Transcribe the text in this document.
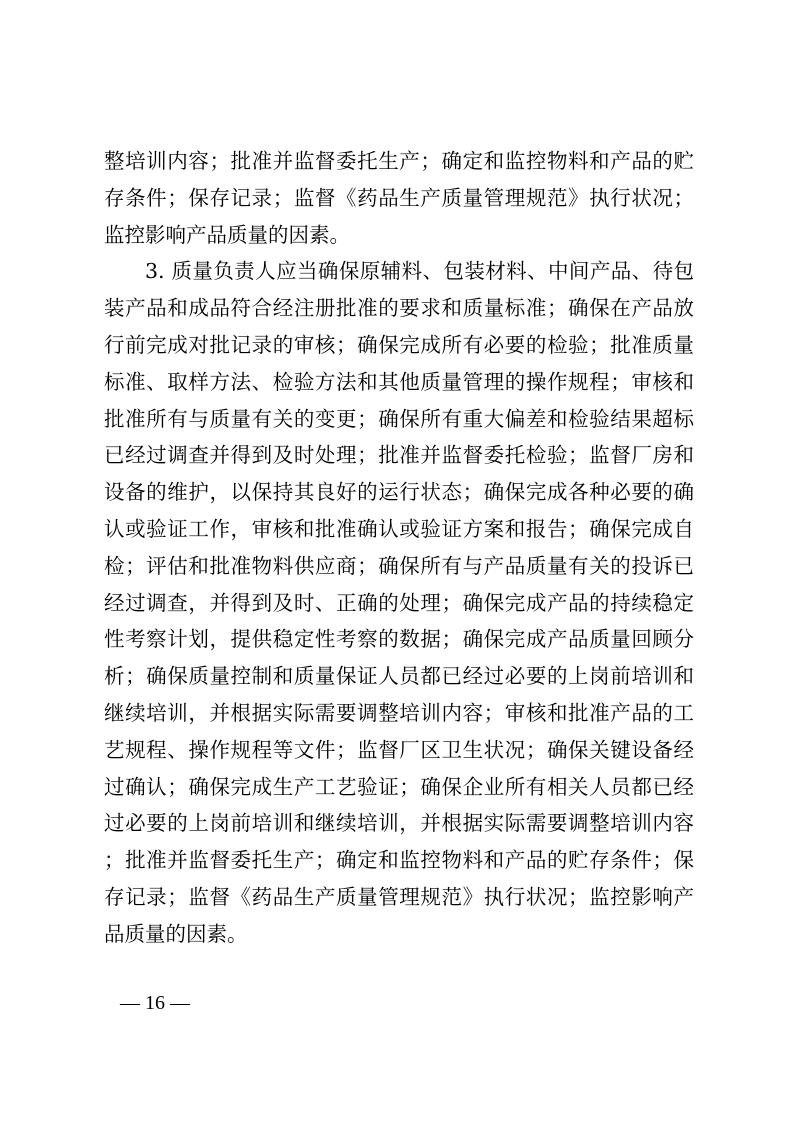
整培训内容；批准并监督委托生产；确定和监控物料和产品的贮存条件；保存记录；监督《药品生产质量管理规范》执行状况；监控影响产品质量的因素。

3. 质量负责人应当确保原辅料、包装材料、中间产品、待包装产品和成品符合经注册批准的要求和质量标准；确保在产品放行前完成对批记录的审核；确保完成所有必要的检验；批准质量标准、取样方法、检验方法和其他质量管理的操作规程；审核和批准所有与质量有关的变更；确保所有重大偏差和检验结果超标已经过调查并得到及时处理；批准并监督委托检验；监督厂房和设备的维护，以保持其良好的运行状态；确保完成各种必要的确认或验证工作，审核和批准确认或验证方案和报告；确保完成自检；评估和批准物料供应商；确保所有与产品质量有关的投诉已经过调查，并得到及时、正确的处理；确保完成产品的持续稳定性考察计划，提供稳定性考察的数据；确保完成产品质量回顾分析；确保质量控制和质量保证人员都已经过必要的上岗前培训和继续培训，并根据实际需要调整培训内容；审核和批准产品的工艺规程、操作规程等文件；监督厂区卫生状况；确保关键设备经过确认；确保完成生产工艺验证；确保企业所有相关人员都已经过必要的上岗前培训和继续培训，并根据实际需要调整培训内容；批准并监督委托生产；确定和监控物料和产品的贮存条件；保存记录；监督《药品生产质量管理规范》执行状况；监控影响产品质量的因素。

— 16 —
